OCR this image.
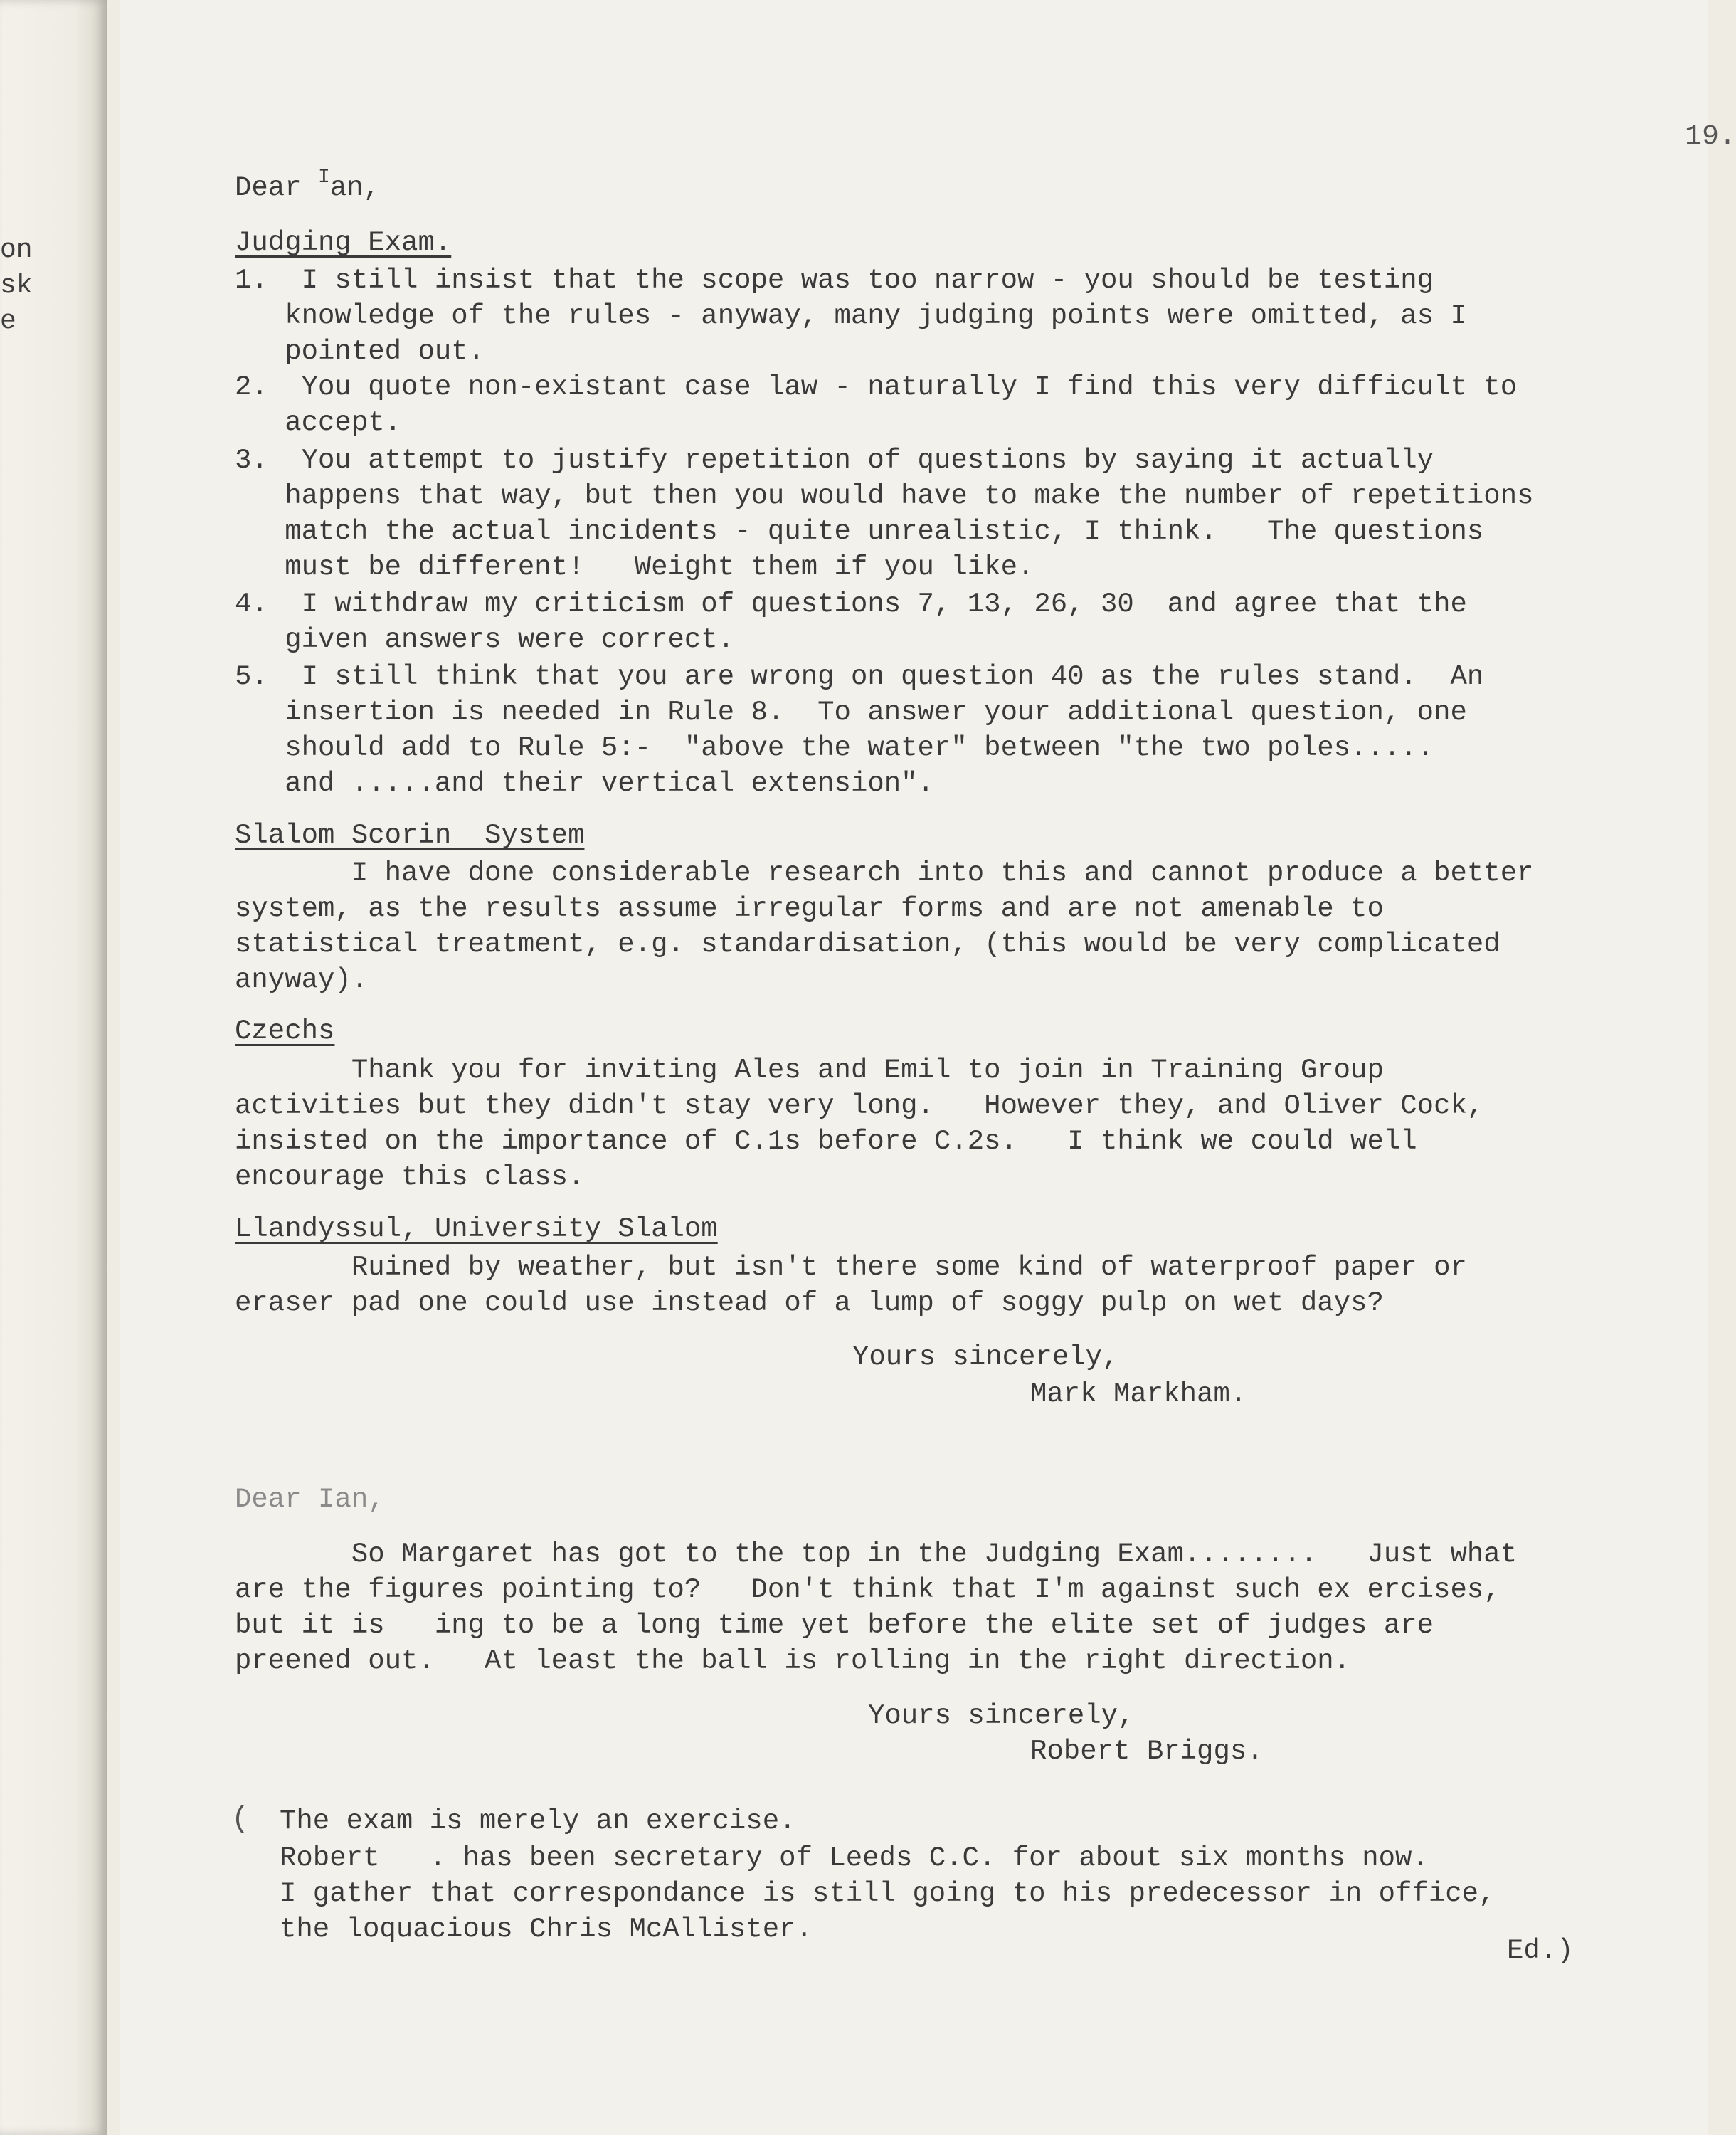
on
sk
e
19.
Dear $^I$an,
Judging Exam.
1.  I still insist that the scope was too narrow - you should be testing
knowledge of the rules - anyway, many judging points were omitted, as I
pointed out.
2.  You quote non-existant case law - naturally I find this very difficult to
accept.
3.  You attempt to justify repetition of questions by saying it actually
happens that way, but then you would have to make the number of repetitions
match the actual incidents - quite unrealistic, I think.   The questions
must be different!   Weight them if you like.
4.  I withdraw my criticism of questions 7, 13, 26, 30  and agree that the
given answers were correct.
5.  I still think that you are wrong on question 40 as the rules stand.  An
insertion is needed in Rule 8.  To answer your additional question, one
should add to Rule 5:-  "above the water" between "the two poles.....
and .....and their vertical extension".
Slalom Scorin  System
I have done considerable research into this and cannot produce a better
system, as the results assume irregular forms and are not amenable to
statistical treatment, e.g. standardisation, (this would be very complicated
anyway).
Czechs
Thank you for inviting Ales and Emil to join in Training Group
activities but they didn't stay very long.   However they, and Oliver Cock,
insisted on the importance of C.1s before C.2s.   I think we could well
encourage this class.
Llandyssul, University Slalom
Ruined by weather, but isn't there some kind of waterproof paper or
eraser pad one could use instead of a lump of soggy pulp on wet days?
Yours sincerely,
Mark Markham.
Dear Ian,
So Margaret has got to the top in the Judging Exam........   Just what
are the figures pointing to?   Don't think that I'm against such ex ercises,
but it is   ing to be a long time yet before the elite set of judges are
preened out.   At least the ball is rolling in the right direction.
Yours sincerely,
Robert Briggs.
( The exam is merely an exercise.
Robert   . has been secretary of Leeds C.C. for about six months now.
I gather that correspondance is still going to his predecessor in office,
the loquacious Chris McAllister.
Ed.)
